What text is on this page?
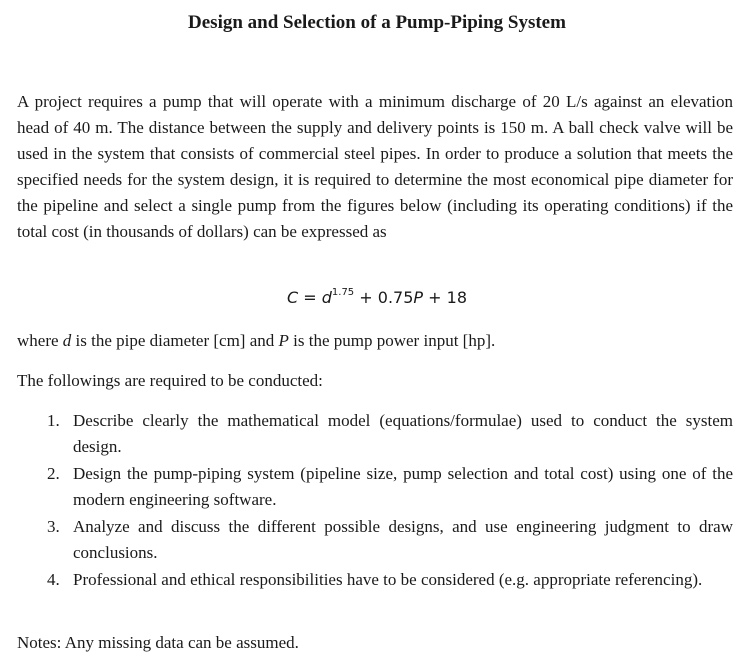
Design and Selection of a Pump-Piping System

A project requires a pump that will operate with a minimum discharge of 20 L/s against an elevation head of 40 m. The distance between the supply and delivery points is 150 m. A ball check valve will be used in the system that consists of commercial steel pipes. In order to produce a solution that meets the specified needs for the system design, it is required to determine the most economical pipe diameter for the pipeline and select a single pump from the figures below (including its operating conditions) if the total cost (in thousands of dollars) can be expressed as

$C = d^{1.75} + 0.75P + 18$

where d is the pipe diameter [cm] and P is the pump power input [hp].

The followings are required to be conducted:

1. Describe clearly the mathematical model (equations/formulae) used to conduct the system design.
2. Design the pump-piping system (pipeline size, pump selection and total cost) using one of the modern engineering software.
3. Analyze and discuss the different possible designs, and use engineering judgment to draw conclusions.
4. Professional and ethical responsibilities have to be considered (e.g. appropriate referencing).

Notes: Any missing data can be assumed.
